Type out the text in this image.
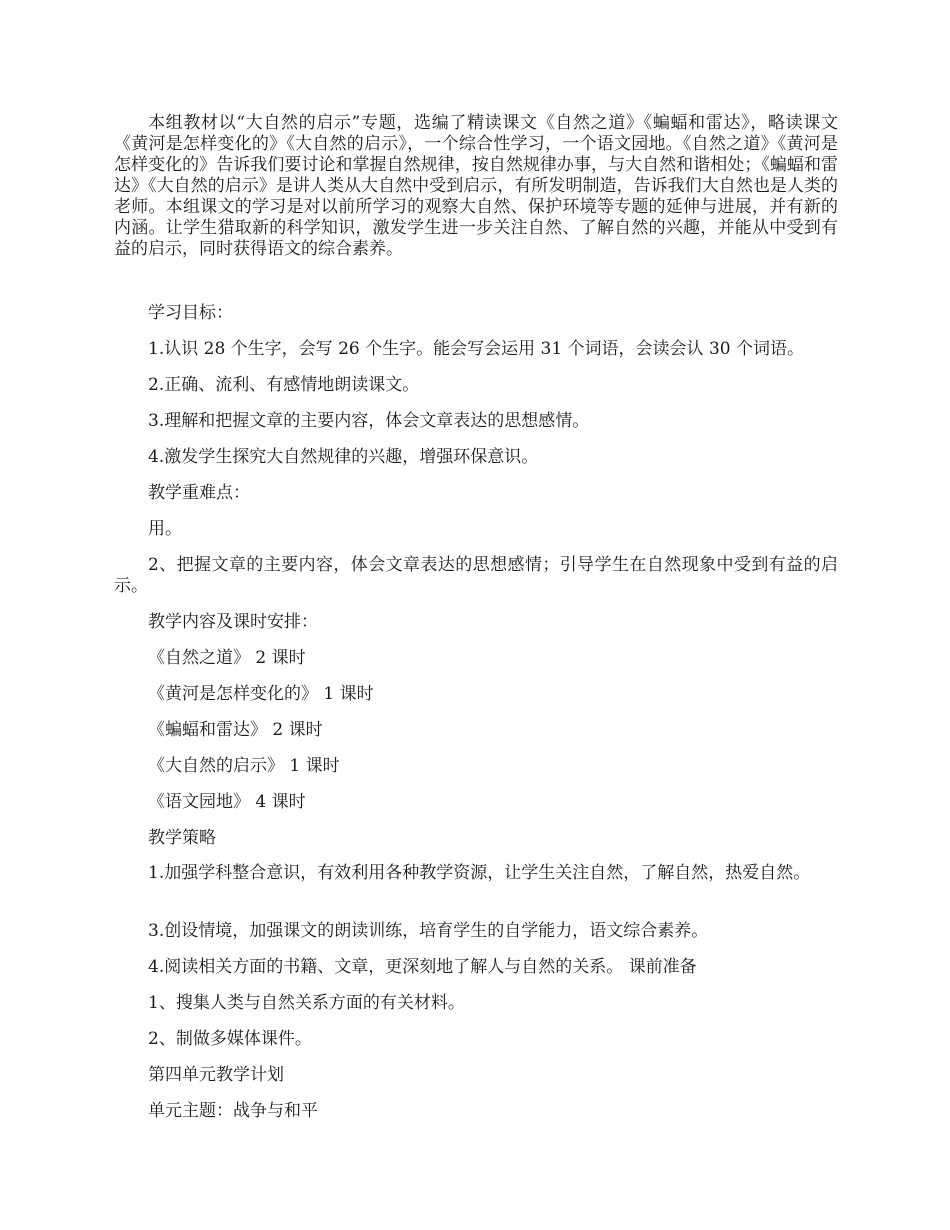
本组教材以“大自然的启示”专题，选编了精读课文《自然之道》《蝙蝠和雷达》，略读课文《黄河是怎样变化的》《大自然的启示》，一个综合性学习，一个语文园地。《自然之道》《黄河是怎样变化的》告诉我们要讨论和掌握自然规律，按自然规律办事，与大自然和谐相处；《蝙蝠和雷达》《大自然的启示》是讲人类从大自然中受到启示，有所发明制造，告诉我们大自然也是人类的老师。本组课文的学习是对以前所学习的观察大自然、保护环境等专题的延伸与进展，并有新的内涵。让学生猎取新的科学知识，激发学生进一步关注自然、了解自然的兴趣，并能从中受到有益的启示，同时获得语文的综合素养。

学习目标：

1.认识 28 个生字，会写 26 个生字。能会写会运用 31 个词语，会读会认 30 个词语。

2.正确、流利、有感情地朗读课文。

3.理解和把握文章的主要内容，体会文章表达的思想感情。

4.激发学生探究大自然规律的兴趣，增强环保意识。

教学重难点：

用。

2、把握文章的主要内容，体会文章表达的思想感情；引导学生在自然现象中受到有益的启示。

教学内容及课时安排：

《自然之道》 2 课时

《黄河是怎样变化的》 1 课时

《蝙蝠和雷达》 2 课时

《大自然的启示》 1 课时

《语文园地》 4 课时

教学策略

1.加强学科整合意识，有效利用各种教学资源，让学生关注自然，了解自然，热爱自然。

3.创设情境，加强课文的朗读训练，培育学生的自学能力，语文综合素养。

4.阅读相关方面的书籍、文章，更深刻地了解人与自然的关系。 课前准备

1、搜集人类与自然关系方面的有关材料。

2、制做多媒体课件。

第四单元教学计划

单元主题：战争与和平
